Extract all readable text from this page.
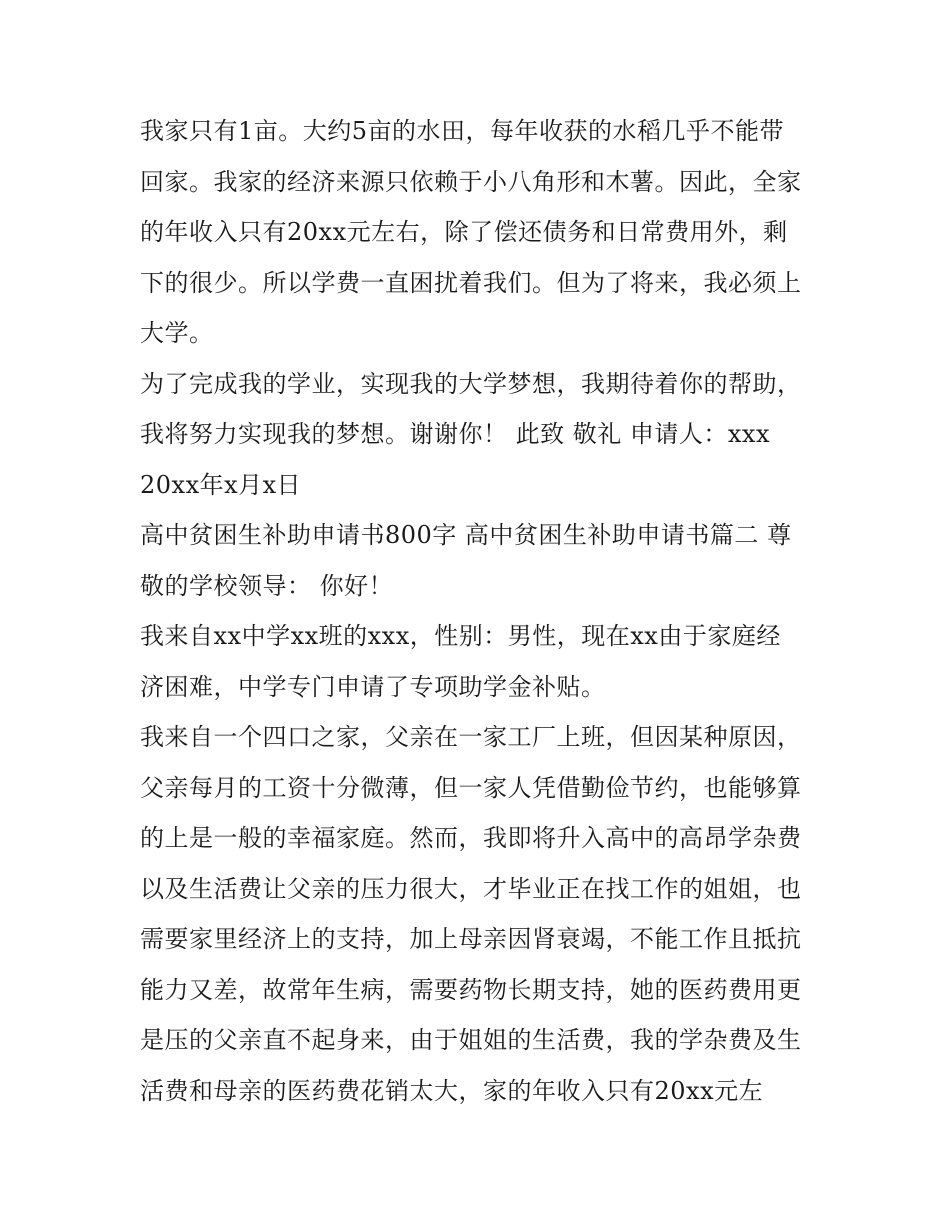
我家只有1亩。大约5亩的水田，每年收获的水稻几乎不能带
回家。我家的经济来源只依赖于小八角形和木薯。因此，全家
的年收入只有20xx元左右，除了偿还债务和日常费用外，剩
下的很少。所以学费一直困扰着我们。但为了将来，我必须上
大学。
为了完成我的学业，实现我的大学梦想，我期待着你的帮助，
我将努力实现我的梦想。谢谢你！ 此致 敬礼 申请人：xxx
20xx年x月x日
高中贫困生补助申请书800字 高中贫困生补助申请书篇二 尊
敬的学校领导： 你好！
我来自xx中学xx班的xxx，性别：男性，现在xx由于家庭经
济困难，中学专门申请了专项助学金补贴。
我来自一个四口之家，父亲在一家工厂上班，但因某种原因，
父亲每月的工资十分微薄，但一家人凭借勤俭节约，也能够算
的上是一般的幸福家庭。然而，我即将升入高中的高昂学杂费
以及生活费让父亲的压力很大，才毕业正在找工作的姐姐，也
需要家里经济上的支持，加上母亲因肾衰竭，不能工作且抵抗
能力又差，故常年生病，需要药物长期支持，她的医药费用更
是压的父亲直不起身来，由于姐姐的生活费，我的学杂费及生
活费和母亲的医药费花销太大，家的年收入只有20xx元左
